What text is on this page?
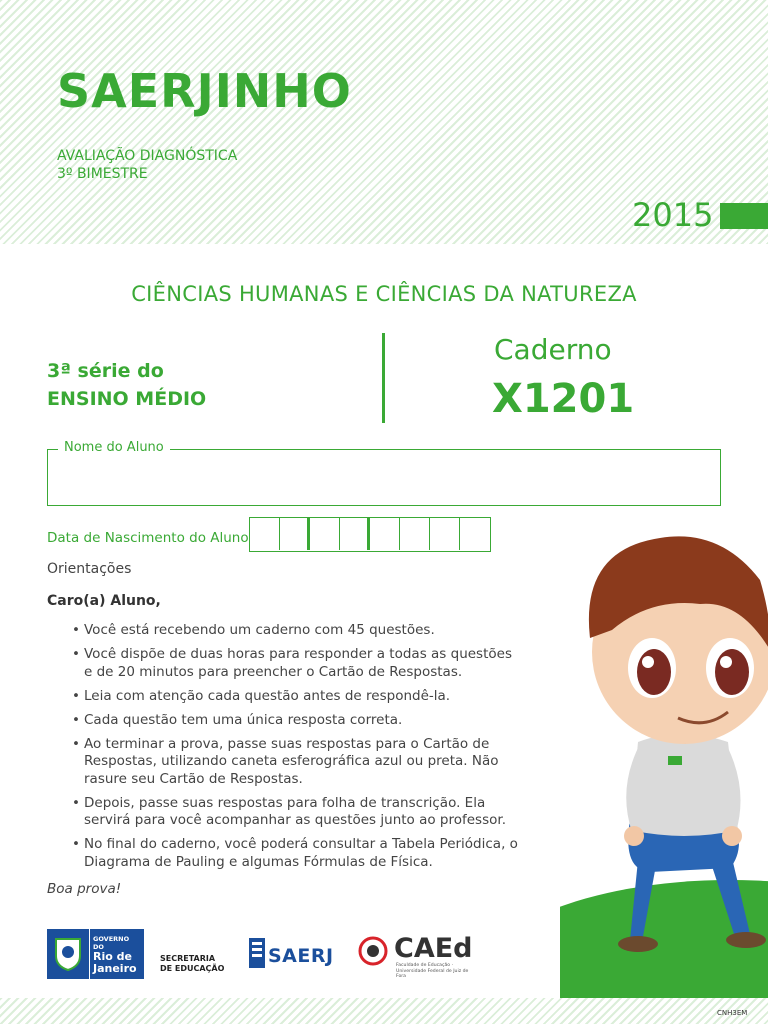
SAERJINHO
AVALIAÇÃO DIAGNÓSTICA
3º BIMESTRE
2015
CIÊNCIAS HUMANAS E CIÊNCIAS DA NATUREZA
3ª série do
ENSINO MÉDIO
Caderno
X1201
Nome do Aluno
Data de Nascimento do Aluno
Orientações
Caro(a) Aluno,
• Você está recebendo um caderno com 45 questões.
• Você dispõe de duas horas para responder a todas as questões e de 20 minutos para preencher o Cartão de Respostas.
• Leia com atenção cada questão antes de respondê-la.
• Cada questão tem uma única resposta correta.
• Ao terminar a prova, passe suas respostas para o Cartão de Respostas, utilizando caneta esferográfica azul ou preta. Não rasure seu Cartão de Respostas.
• Depois, passe suas respostas para folha de transcrição. Ela servirá para você acompanhar as questões junto ao professor.
• No final do caderno, você poderá consultar a Tabela Periódica, o Diagrama de Pauling e algumas Fórmulas de Física.
Boa prova!
GOVERNO DO
Rio de
Janeiro
SECRETARIA
DE EDUCAÇÃO
SAERJ CAEd
Faculdade de Educação · Universidade Federal de Juiz de Fora
CNH3EM
